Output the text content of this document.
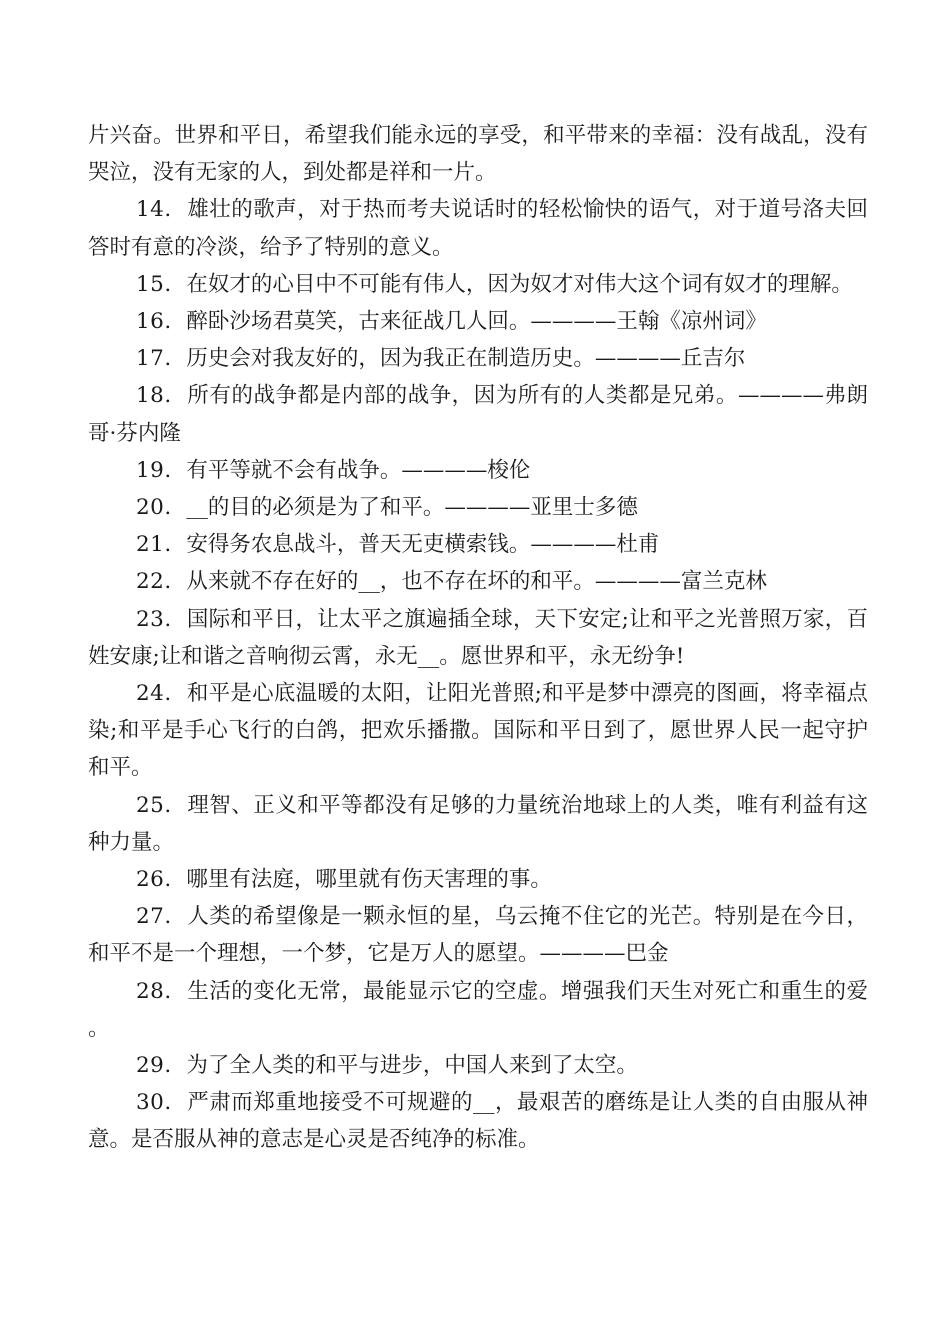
片兴奋。世界和平日，希望我们能永远的享受，和平带来的幸福：没有战乱，没有哭泣，没有无家的人，到处都是祥和一片。

14. 雄壮的歌声，对于热而考夫说话时的轻松愉快的语气，对于道号洛夫回答时有意的冷淡，给予了特别的意义。

15. 在奴才的心目中不可能有伟人，因为奴才对伟大这个词有奴才的理解。

16. 醉卧沙场君莫笑，古来征战几人回。————王翰《凉州词》

17. 历史会对我友好的，因为我正在制造历史。————丘吉尔

18. 所有的战争都是内部的战争，因为所有的人类都是兄弟。————弗朗哥·芬内隆

19. 有平等就不会有战争。————梭伦

20. __的目的必须是为了和平。————亚里士多德

21. 安得务农息战斗，普天无吏横索钱。————杜甫

22. 从来就不存在好的__，也不存在坏的和平。————富兰克林

23. 国际和平日，让太平之旗遍插全球，天下安定;让和平之光普照万家，百姓安康;让和谐之音响彻云霄，永无__。愿世界和平，永无纷争!

24. 和平是心底温暖的太阳，让阳光普照;和平是梦中漂亮的图画，将幸福点染;和平是手心飞行的白鸽，把欢乐播撒。国际和平日到了，愿世界人民一起守护和平。

25. 理智、正义和平等都没有足够的力量统治地球上的人类，唯有利益有这种力量。

26. 哪里有法庭，哪里就有伤天害理的事。

27. 人类的希望像是一颗永恒的星，乌云掩不住它的光芒。特别是在今日，和平不是一个理想，一个梦，它是万人的愿望。————巴金

28. 生活的变化无常，最能显示它的空虚。增强我们天生对死亡和重生的爱。

29. 为了全人类的和平与进步，中国人来到了太空。

30. 严肃而郑重地接受不可规避的__，最艰苦的磨练是让人类的自由服从神意。是否服从神的意志是心灵是否纯净的标准。
